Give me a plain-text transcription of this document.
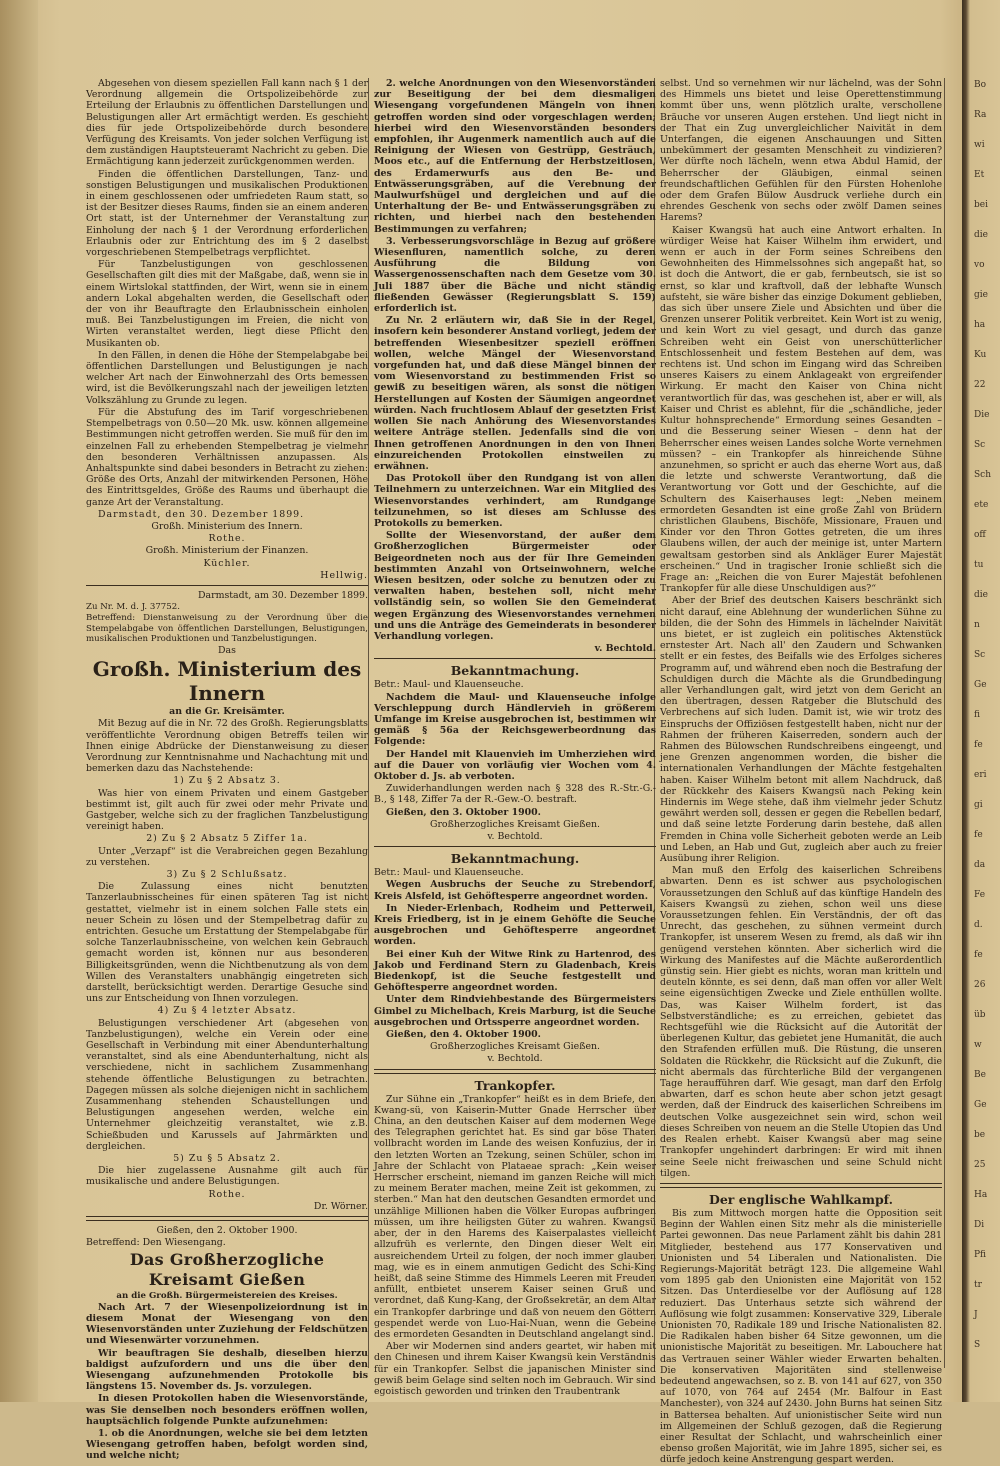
Abgesehen von diesem speziellen Fall kann nach § 1 der Verordnung allgemein die Ortspolizeibehörde zur Erteilung der Erlaubnis zu öffentlichen Darstellungen und Belustigungen aller Art ermächtigt werden. Es geschieht dies für jede Ortspolizeibehörde durch besondere Verfügung des Kreisamts. Von jeder solchen Verfügung ist dem zuständigen Hauptsteueramt Nachricht zu geben. Die Ermächtigung kann jederzeit zurückgenommen werden.

Finden die öffentlichen Darstellungen, Tanz- und sonstigen Belustigungen und musikalischen Produktionen in einem geschlossenen oder umfriedeten Raum statt, so ist der Besitzer dieses Raums, finden sie an einem anderen Ort statt, ist der Unternehmer der Veranstaltung zur Einholung der nach § 1 der Verordnung erforderlichen Erlaubnis oder zur Entrichtung des im § 2 daselbst vorgeschriebenen Stempelbetrags verpflichtet.

Für Tanzbelustigungen von geschlossenen Gesellschaften gilt dies mit der Maßgabe, daß, wenn sie in einem Wirtslokal stattfinden, der Wirt, wenn sie in einem andern Lokal abgehalten werden, die Gesellschaft oder der von ihr Beauftragte den Erlaubnisschein einholen muß. Bei Tanzbelustigungen im Freien, die nicht von Wirten veranstaltet werden, liegt diese Pflicht den Musikanten ob.

In den Fällen, in denen die Höhe der Stempelabgabe bei öffentlichen Darstellungen und Belustigungen je nach welcher Art nach der Einwohnerzahl des Orts bemessen wird, ist die Bevölkerungszahl nach der jeweiligen letzten Volkszählung zu Grunde zu legen.

Für die Abstufung des im Tarif vorgeschriebenen Stempelbetrags von 0.50—20 Mk. usw. können allgemeine Bestimmungen nicht getroffen werden. Sie muß für den im einzelnen Fall zu erhebenden Stempelbetrag je vielmehr den besonderen Verhältnissen anzupassen. Als Anhaltspunkte sind dabei besonders in Betracht zu ziehen: Größe des Orts, Anzahl der mitwirkenden Personen, Höhe des Eintrittsgeldes, Größe des Raums und überhaupt die ganze Art der Veranstaltung.

Darmstadt, den 30. Dezember 1899.

Großh. Ministerium des Innern.

Rothe.

Großh. Ministerium der Finanzen.

Küchler.

Hellwig.

Darmstadt, am 30. Dezember 1899.

Zu Nr. M. d. J. 37752.

Betreffend: Dienstanweisung zu der Verordnung über die Stempelabgabe von öffentlichen Darstellungen, Belustigungen, musikalischen Produktionen und Tanzbelustigungen.

Das

Großh. Ministerium des Innern

an die Gr. Kreisämter.

Mit Bezug auf die in Nr. 72 des Großh. Regierungsblatts veröffentlichte Verordnung obigen Betreffs teilen wir Ihnen einige Abdrücke der Dienstanweisung zu dieser Verordnung zur Kenntnisnahme und Nachachtung mit und bemerken dazu das Nachstehende:

1) Zu § 2 Absatz 3.

Was hier von einem Privaten und einem Gastgeber bestimmt ist, gilt auch für zwei oder mehr Private und Gastgeber, welche sich zu der fraglichen Tanzbelustigung vereinigt haben.

2) Zu § 2 Absatz 5 Ziffer 1a.

Unter „Verzapf“ ist die Verabreichen gegen Bezahlung zu verstehen.

3) Zu § 2 Schlußsatz.

Die Zulassung eines nicht benutzten Tanzerlaubnisscheines für einen späteren Tag ist nicht gestattet, vielmehr ist in einem solchen Falle stets ein neuer Schein zu lösen und der Stempelbetrag dafür zu entrichten. Gesuche um Erstattung der Stempelabgabe für solche Tanzerlaubnisscheine, von welchen kein Gebrauch gemacht worden ist, können nur aus besonderen Billigkeitsgründen, wenn die Nichtbenutzung als von dem Willen des Veranstalters unabhängig eingetreten sich darstellt, berücksichtigt werden. Derartige Gesuche sind uns zur Entscheidung von Ihnen vorzulegen.

4) Zu § 4 letzter Absatz.

Belustigungen verschiedener Art (abgesehen von Tanzbelustigungen), welche ein Verein oder eine Gesellschaft in Verbindung mit einer Abendunterhaltung veranstaltet, sind als eine Abendunterhaltung, nicht als verschiedene, nicht in sachlichem Zusammenhang stehende öffentliche Belustigungen zu betrachten. Dagegen müssen als solche diejenigen nicht in sachlichem Zusammenhang stehenden Schaustellungen und Belustigungen angesehen werden, welche ein Unternehmer gleichzeitig veranstaltet, wie z.B. Schießbuden und Karussels auf Jahrmärkten und dergleichen.

5) Zu § 5 Absatz 2.

Die hier zugelassene Ausnahme gilt auch für musikalische und andere Belustigungen.

Rothe.

Dr. Wörner.

Gießen, den 2. Oktober 1900.

Betreffend: Den Wiesengang.

Das Großherzogliche Kreisamt Gießen

an die Großh. Bürgermeistereien des Kreises.

Nach Art. 7 der Wiesenpolizeiordnung ist in diesem Monat der Wiesengang von den Wiesenvorständen unter Zuziehung der Feldschützen und Wiesenwärter vorzunehmen.

Wir beauftragen Sie deshalb, dieselben hierzu baldigst aufzufordern und uns die über den Wiesengang aufzunehmenden Protokolle bis längstens 15. November ds. Js. vorzulegen.

In diesen Protokollen haben die Wiesenvorstände, was Sie denselben noch besonders eröffnen wollen, hauptsächlich folgende Punkte aufzunehmen:

1. ob die Anordnungen, welche sie bei dem letzten Wiesengang getroffen haben, befolgt worden sind, und welche nicht;

2. welche Anordnungen von den Wiesenvorständen zur Beseitigung der bei dem diesmaligen Wiesengang vorgefundenen Mängeln von ihnen getroffen worden sind oder vorgeschlagen werden; hierbei wird den Wiesenvorständen besonders empfohlen, ihr Augenmerk namentlich auch auf die Reinigung der Wiesen von Gestrüpp, Gesträuch, Moos etc., auf die Entfernung der Herbstzeitlosen, des Erdamerwurfs aus den Be- und Entwässerungsgräben, auf die Verebnung der Maulwurfshügel und dergleichen und auf die Unterhaltung der Be- und Entwässerungsgräben zu richten, und hierbei nach den bestehenden Bestimmungen zu verfahren;

3. Verbesserungsvorschläge in Bezug auf größere Wiesenfluren, namentlich solche, zu deren Ausführung die Bildung von Wassergenossenschaften nach dem Gesetze vom 30. Juli 1887 über die Bäche und nicht ständig fließenden Gewässer (Regierungsblatt S. 159) erforderlich ist.

Zu Nr. 2 erläutern wir, daß Sie in der Regel, insofern kein besonderer Anstand vorliegt, jedem der betreffenden Wiesenbesitzer speziell eröffnen wollen, welche Mängel der Wiesenvorstand vorgefunden hat, und daß diese Mängel binnen der vom Wiesenvorstand zu bestimmenden Frist so gewiß zu beseitigen wären, als sonst die nötigen Herstellungen auf Kosten der Säumigen angeordnet würden. Nach fruchtlosem Ablauf der gesetzten Frist wollen Sie nach Anhörung des Wiesenvorstandes weitere Anträge stellen. Jedenfalls sind die von Ihnen getroffenen Anordnungen in den von Ihnen einzureichenden Protokollen einstweilen zu erwähnen.

Das Protokoll über den Rundgang ist von allen Teilnehmern zu unterzeichnen. War ein Mitglied des Wiesenvorstandes verhindert, am Rundgange teilzunehmen, so ist dieses am Schlusse des Protokolls zu bemerken.

Sollte der Wiesenvorstand, der außer dem Großherzoglichen Bürgermeister oder Beigeordneten noch aus der für Ihre Gemeinden bestimmten Anzahl von Ortseinwohnern, welche Wiesen besitzen, oder solche zu benutzen oder zu verwalten haben, bestehen soll, nicht mehr vollständig sein, so wollen Sie den Gemeinderat wegen Ergänzung des Wiesenvorstandes vernehmen und uns die Anträge des Gemeinderats in besonderer Verhandlung vorlegen.

v. Bechtold.

Bekanntmachung.

Betr.: Maul- und Klauenseuche.

Nachdem die Maul- und Klauenseuche infolge Verschleppung durch Händlervieh in größerem Umfange im Kreise ausgebrochen ist, bestimmen wir gemäß § 56a der Reichsgewerbeordnung das Folgende:

Der Handel mit Klauenvieh im Umherziehen wird auf die Dauer von vorläufig vier Wochen vom 4. Oktober d. Js. ab verboten.

Zuwiderhandlungen werden nach § 328 des R.-Str.-G.-B., § 148, Ziffer 7a der R.-Gew.-O. bestraft.

Gießen, den 3. Oktober 1900.

Großherzogliches Kreisamt Gießen.

v. Bechtold.

Bekanntmachung.

Betr.: Maul- und Klauenseuche.

Wegen Ausbruchs der Seuche zu Strebendorf, Kreis Alsfeld, ist Gehöftesperre angeordnet worden.

In Nieder-Erlenbach, Rodheim und Petterweil, Kreis Friedberg, ist in je einem Gehöfte die Seuche ausgebrochen und Gehöftesperre angeordnet worden.

Bei einer Kuh der Witwe Rink zu Hartenrod, des Jakob und Ferdinand Stern zu Gladenbach, Kreis Biedenkopf, ist die Seuche festgestellt und Gehöftesperre angeordnet worden.

Unter dem Rindviehbestande des Bürgermeisters Gimbel zu Michelbach, Kreis Marburg, ist die Seuche ausgebrochen und Ortssperre angeordnet worden.

Gießen, den 4. Oktober 1900.

Großherzogliches Kreisamt Gießen.

v. Bechtold.

Trankopfer.

Zur Sühne ein „Trankopfer“ heißt es in dem Briefe, den Kwang-sü, von Kaiserin-Mutter Gnade Herrscher über China, an den deutschen Kaiser auf dem modernen Wege des Telegraphen gerichtet hat. Es sind gar böse Thaten vollbracht worden im Lande des weisen Konfuzius, der in den letzten Worten an Tzekung, seinen Schüler, schon im Jahre der Schlacht von Plataeae sprach: „Kein weiser Herrscher erscheint, niemand im ganzen Reiche will mich zu meinem Berater machen, meine Zeit ist gekommen, zu sterben.“ Man hat den deutschen Gesandten ermordet und unzählige Millionen haben die Völker Europas aufbringen müssen, um ihre heiligsten Güter zu wahren. Kwangsü aber, der in den Harems des Kaiserpalastes vielleicht allzufrüh es verlernte, den Dingen dieser Welt ein ausreichendem Urteil zu folgen, der noch immer glauben mag, wie es in einem anmutigen Gedicht des Schi-King heißt, daß seine Stimme des Himmels Leeren mit Freuden anfüllt, entbietet unserem Kaiser seinen Gruß und verordnet, daß Kung-Kang, der Großsekretär, an dem Altar ein Trankopfer darbringe und daß von neuem den Göttern gespendet werde von Luo-Hai-Nuan, wenn die Gebeine des ermordeten Gesandten in Deutschland angelangt sind.

Aber wir Modernen sind anders geartet, wir haben mit den Chinesen und ihrem Kaiser Kwangsü kein Verständnis für ein Trankopfer. Selbst die japanischen Minister sind gewiß beim Gelage sind selten noch im Gebrauch. Wir sind egoistisch geworden und trinken den Traubentrank

selbst. Und so vernehmen wir nur lächelnd, was der Sohn des Himmels uns bietet und leise Operettenstimmung kommt über uns, wenn plötzlich uralte, verschollene Bräuche vor unseren Augen erstehen. Und liegt nicht in der That ein Zug unvergleichlicher Naivität in dem Unterfangen, die eigenen Anschauungen und Sitten unbekümmert der gesamten Menschheit zu vindizieren? Wer dürfte noch lächeln, wenn etwa Abdul Hamid, der Beherrscher der Gläubigen, einmal seinen freundschaftlichen Gefühlen für den Fürsten Hohenlohe oder dem Grafen Bülow Ausdruck verliehe durch ein ehrendes Geschenk von sechs oder zwölf Damen seines Harems?

Kaiser Kwangsü hat auch eine Antwort erhalten. In würdiger Weise hat Kaiser Wilhelm ihm erwidert, und wenn er auch in der Form seines Schreibens den Gewohnheiten des Himmelssohnes sich angepaßt hat, so ist doch die Antwort, die er gab, fernbeutsch, sie ist so ernst, so klar und kraftvoll, daß der lebhafte Wunsch aufsteht, sie wäre bisher das einzige Dokument geblieben, das sich über unsere Ziele und Absichten und über die Grenzen unserer Politik verbreitet. Kein Wort ist zu wenig, und kein Wort zu viel gesagt, und durch das ganze Schreiben weht ein Geist von unerschütterlicher Entschlossenheit und festem Bestehen auf dem, was rechtens ist. Und schon im Eingang wird das Schreiben unseres Kaisers zu einem Anklageakt von ergreifender Wirkung. Er macht den Kaiser von China nicht verantwortlich für das, was geschehen ist, aber er will, als Kaiser und Christ es ablehnt, für die „schändliche, jeder Kultur hohnsprechende“ Ermordung seines Gesandten – und die Besserung seiner Wiesen – denn hat der Beherrscher eines weisen Landes solche Worte vernehmen müssen? – ein Trankopfer als hinreichende Sühne anzunehmen, so spricht er auch das eherne Wort aus, daß die letzte und schwerste Verantwortung, daß die Verantwortung vor Gott und der Geschichte, auf die Schultern des Kaiserhauses legt: „Neben meinem ermordeten Gesandten ist eine große Zahl von Brüdern christlichen Glaubens, Bischöfe, Missionare, Frauen und Kinder vor den Thron Gottes getreten, die um ihres Glaubens willen, der auch der meinige ist, unter Martern gewaltsam gestorben sind als Ankläger Eurer Majestät erscheinen.“ Und in tragischer Ironie schließt sich die Frage an: „Reichen die von Eurer Majestät befohlenen Trankopfer für alle diese Unschuldigen aus?“

Aber der Brief des deutschen Kaisers beschränkt sich nicht darauf, eine Ablehnung der wunderlichen Sühne zu bilden, die der Sohn des Himmels in lächelnder Naivität uns bietet, er ist zugleich ein politisches Aktenstück ernstester Art. Nach all' den Zaudern und Schwanken stellt er ein festes, des Beifalls wie des Erfolges sicheres Programm auf, und während eben noch die Bestrafung der Schuldigen durch die Mächte als die Grundbedingung aller Verhandlungen galt, wird jetzt von dem Gericht an den übertragen, dessen Ratgeber die Blutschuld des Verbrechens auf sich luden. Damit ist, wie wir trotz des Einspruchs der Offiziösen festgestellt haben, nicht nur der Rahmen der früheren Kaiserreden, sondern auch der Rahmen des Bülowschen Rundschreibens eingeengt, und jene Grenzen angenommen worden, die bisher die internationalen Verhandlungen der Mächte festgehalten haben. Kaiser Wilhelm betont mit allem Nachdruck, daß der Rückkehr des Kaisers Kwangsü nach Peking kein Hindernis im Wege stehe, daß ihm vielmehr jeder Schutz gewährt werden soll, dessen er gegen die Rebellen bedarf, und daß seine letzte Forderung darin bestehe, daß allen Fremden in China volle Sicherheit geboten werde an Leib und Leben, an Hab und Gut, zugleich aber auch zu freier Ausübung ihrer Religion.

Man muß den Erfolg des kaiserlichen Schreibens abwarten. Denn es ist schwer aus psychologischen Voraussetzungen den Schluß auf das künftige Handeln des Kaisers Kwangsü zu ziehen, schon weil uns diese Voraussetzungen fehlen. Ein Verständnis, der oft das Unrecht, das geschehen, zu sühnen vermeint durch Trankopfer, ist unserem Wesen zu fremd, als daß wir ihn genügend verstehen könnten. Aber sicherlich wird die Wirkung des Manifestes auf die Mächte außerordentlich günstig sein. Hier giebt es nichts, woran man kritteln und deuteln könnte, es sei denn, daß man offen vor aller Welt seine eigensüchtigen Zwecke und Ziele enthüllen wollte. Das, was Kaiser Wilhelm fordert, ist das Selbstverständliche; es zu erreichen, gebietet das Rechtsgefühl wie die Rücksicht auf die Autorität der überlegenen Kultur, das gebietet jene Humanität, die auch den Strafenden erfüllen muß. Die Rüstung, die unseren Soldaten die Rückkehr, die Rücksicht auf die Zukunft, die nicht abermals das fürchterliche Bild der vergangenen Tage heraufführen darf. Wie gesagt, man darf den Erfolg abwarten, darf es schon heute aber schon jetzt gesagt werden, daß der Eindruck des kaiserlichen Schreibens im deutschen Volke ausgezeichnet sein wird, schon weil dieses Schreiben von neuem an die Stelle Utopien das Und des Realen erhebt. Kaiser Kwangsü aber mag seine Trankopfer ungehindert darbringen: Er wird mit ihnen seine Seele nicht freiwaschen und seine Schuld nicht tilgen.

Der englische Wahlkampf.

Bis zum Mittwoch morgen hatte die Opposition seit Beginn der Wahlen einen Sitz mehr als die ministerielle Partei gewonnen. Das neue Parlament zählt bis dahin 281 Mitglieder, bestehend aus 177 Konservativen und Unionisten und 54 Liberalen und Nationalisten. Die Regierungs-Majorität beträgt 123. Die allgemeine Wahl vom 1895 gab den Unionisten eine Majorität von 152 Sitzen. Das Unterdieselbe vor der Auflösung auf 128 reduziert. Das Unterhaus setzte sich während der Auflösung wie folgt zusammen: Konservative 329, Liberale Unionisten 70, Radikale 189 und Irische Nationalisten 82. Die Radikalen haben bisher 64 Sitze gewonnen, um die unionistische Majorität zu beseitigen. Mr. Labouchere hat das Vertrauen seiner Wähler wieder Erwarten behalten. Die konservativen Majoritäten sind stellenweise bedeutend angewachsen, so z. B. von 141 auf 627, von 350 auf 1070, von 764 auf 2454 (Mr. Balfour in East Manchester), von 324 auf 2430. John Burns hat seinen Sitz in Battersea behalten. Auf unionistischer Seite wird nun im Allgemeinen der Schluß gezogen, daß die Regierung einer Resultat der Schlacht, und wahrscheinlich einer ebenso großen Majorität, wie im Jahre 1895, sicher sei, es dürfe jedoch keine Anstrengung gespart werden.

Bo
Ra
wi
Et
bei
die
vo
gie
ha
Ku
22
Die
Sc
Sch
ete
off
tu
die
n
Sc
Ge
fi
fe
eri
gi
fe
da
Fe
d.
fe
26
üb
w
Be
Ge
be
25
Ha
Di
Pfi
tr
J
S
